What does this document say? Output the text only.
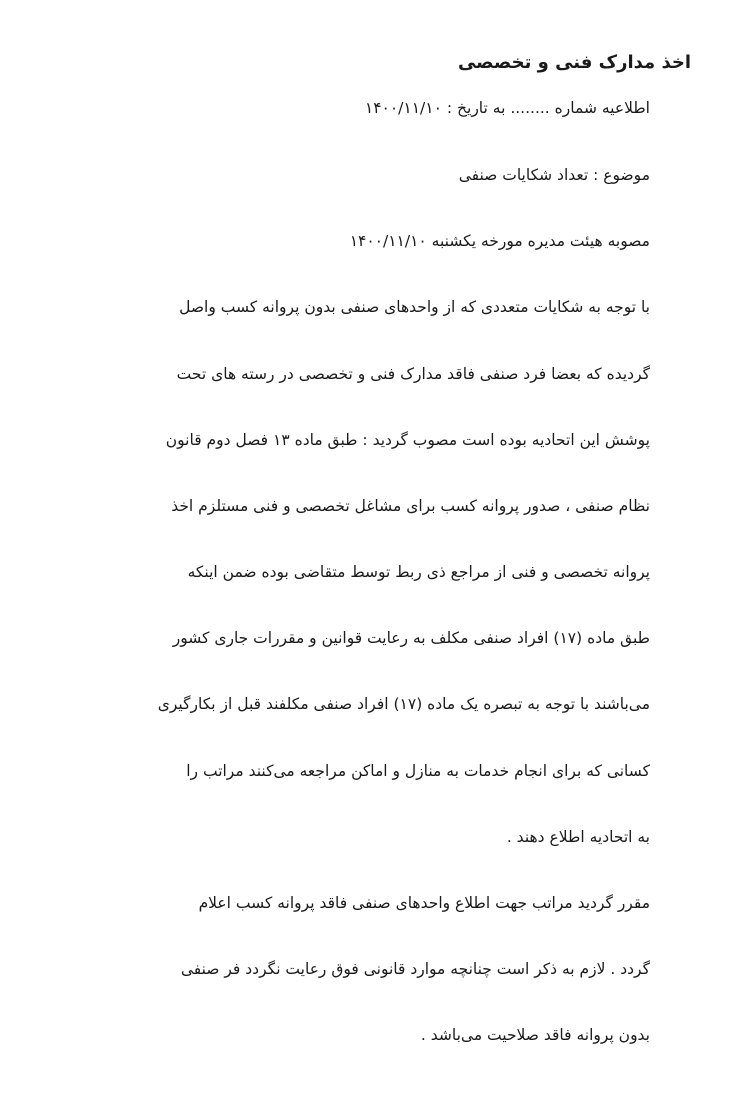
اخذ مدارک فنی و تخصصی
اطلاعیه شماره ........ به تاریخ : ۱۴۰۰/۱۱/۱۰
موضوع : تعداد شکایات صنفی
مصوبه هیئت مدیره مورخه یکشنبه ۱۴۰۰/۱۱/۱۰
با توجه به شکایات متعددی که از واحدهای صنفی بدون پروانه کسب واصل
گردیده که بعضا فرد صنفی فاقد مدارک فنی و تخصصی در رسته های تحت
پوشش این اتحادیه بوده است مصوب گردید : طبق ماده ۱۳ فصل دوم قانون
نظام صنفی ، صدور پروانه کسب برای مشاغل تخصصی و فنی مستلزم اخذ
پروانه تخصصی و فنی از مراجع ذی ربط توسط متقاضی بوده ضمن اینکه
طبق ماده (۱۷) افراد صنفی مکلف به رعایت قوانین و مقررات جاری کشور
می‌باشند با توجه به تبصره یک ماده (۱۷) افراد صنفی مکلفند قبل از بکارگیری
کسانی که برای انجام خدمات به منازل و اماکن مراجعه می‌کنند مراتب را
به اتحادیه اطلاع دهند .
مقرر گردید مراتب جهت اطلاع واحدهای صنفی فاقد پروانه کسب اعلام
گردد . لازم به ذکر است چنانچه موارد قانونی فوق رعایت نگردد فر صنفی
بدون پروانه فاقد صلاحیت می‌باشد .
